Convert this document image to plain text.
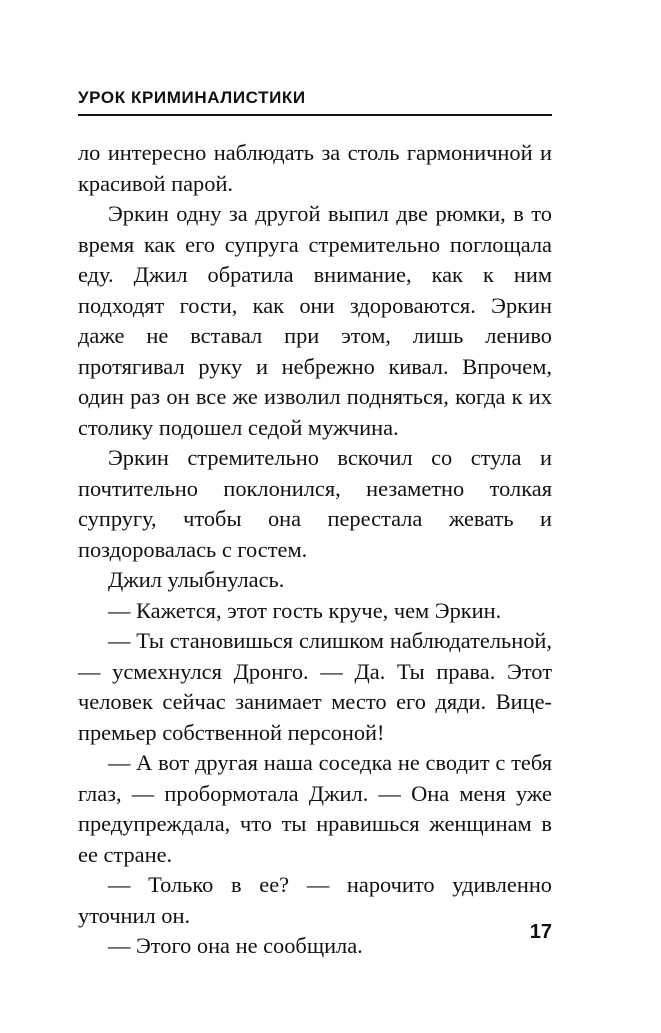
УРОК КРИМИНАЛИСТИКИ

ло интересно наблюдать за столь гармоничной и красивой парой.

Эркин одну за другой выпил две рюмки, в то время как его супруга стремительно поглощала еду. Джил обратила внимание, как к ним подходят гости, как они здороваются. Эркин даже не вставал при этом, лишь лениво протягивал руку и небрежно кивал. Впрочем, один раз он все же изволил подняться, когда к их столику подошел седой мужчина.

Эркин стремительно вскочил со стула и почтительно поклонился, незаметно толкая супругу, чтобы она перестала жевать и поздоровалась с гостем.

Джил улыбнулась.

— Кажется, этот гость круче, чем Эркин.

— Ты становишься слишком наблюдательной, — усмехнулся Дронго. — Да. Ты права. Этот человек сейчас занимает место его дяди. Вице-премьер собственной персоной!

— А вот другая наша соседка не сводит с тебя глаз, — пробормотала Джил. — Она меня уже предупреждала, что ты нравишься женщинам в ее стране.

— Только в ее? — нарочито удивленно уточнил он.

— Этого она не сообщила.

17
